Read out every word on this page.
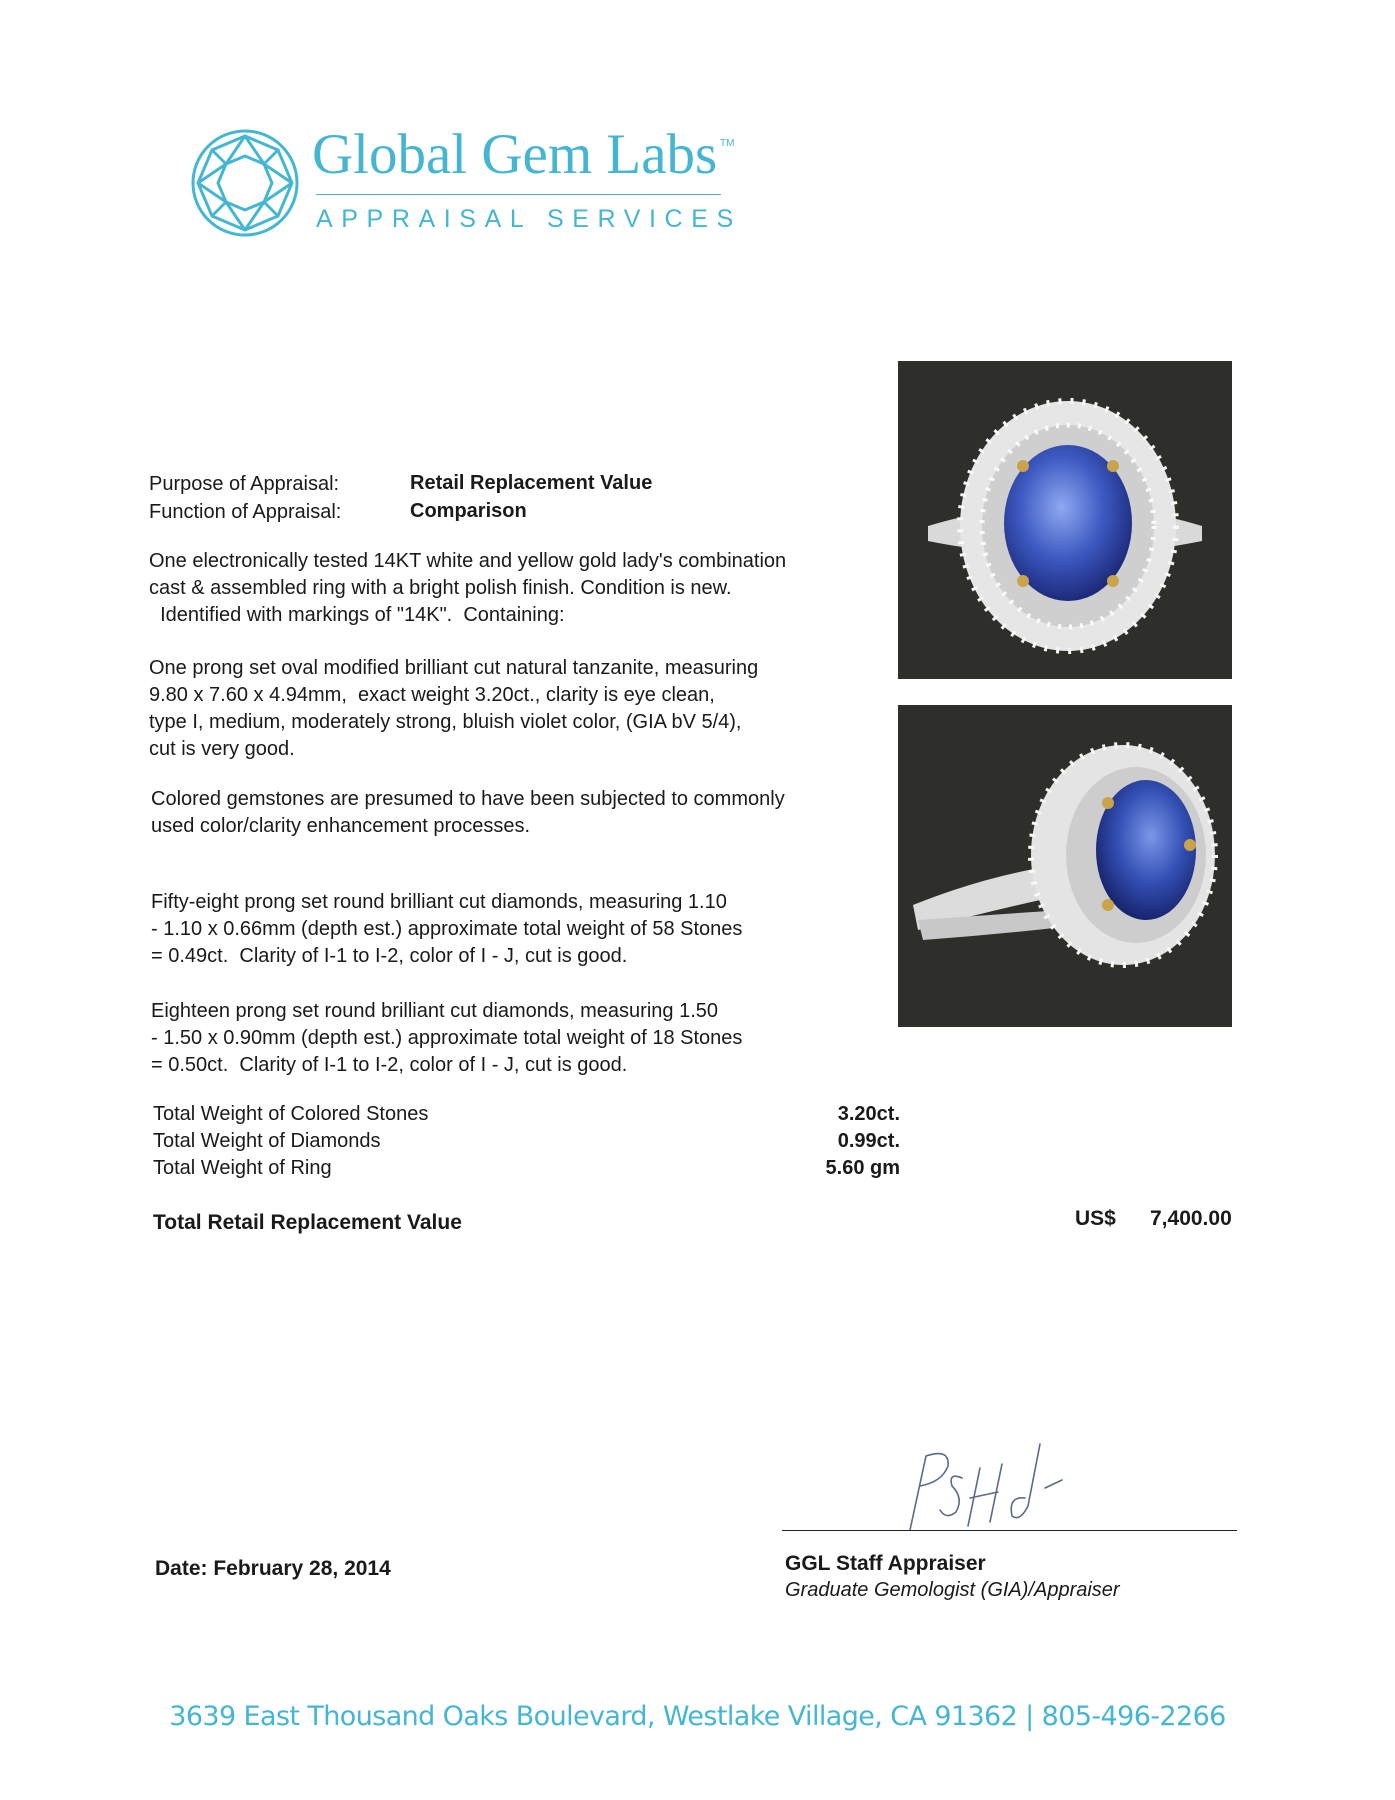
Global Gem Labs TM
APPRAISAL SERVICES
Purpose of Appraisal:	Retail Replacement Value
Function of Appraisal:	Comparison
One electronically tested 14KT white and yellow gold lady's combination
cast & assembled ring with a bright polish finish. Condition is new.
Identified with markings of "14K".  Containing:
One prong set oval modified brilliant cut natural tanzanite, measuring
9.80 x 7.60 x 4.94mm,  exact weight 3.20ct., clarity is eye clean,
type I, medium, moderately strong, bluish violet color, (GIA bV 5/4),
cut is very good.
Colored gemstones are presumed to have been subjected to commonly
used color/clarity enhancement processes.
Fifty-eight prong set round brilliant cut diamonds, measuring 1.10
- 1.10 x 0.66mm (depth est.) approximate total weight of 58 Stones
= 0.49ct.  Clarity of I-1 to I-2, color of I - J, cut is good.
Eighteen prong set round brilliant cut diamonds, measuring 1.50
- 1.50 x 0.90mm (depth est.) approximate total weight of 18 Stones
= 0.50ct.  Clarity of I-1 to I-2, color of I - J, cut is good.
Total Weight of Colored Stones	3.20ct.
Total Weight of Diamonds	0.99ct.
Total Weight of Ring	5.60 gm
Total Retail Replacement Value	US$ 7,400.00
Date: February 28, 2014	GGL Staff Appraiser
Graduate Gemologist (GIA)/Appraiser
3639 East Thousand Oaks Boulevard, Westlake Village, CA 91362 | 805-496-2266
